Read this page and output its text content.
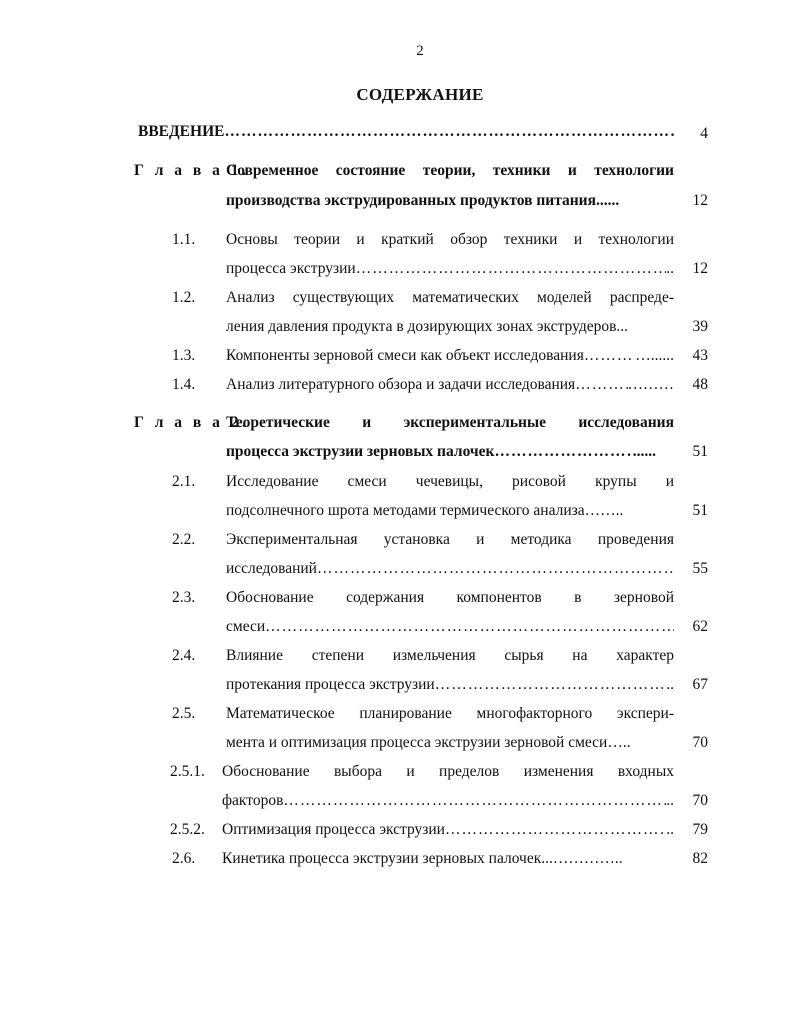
2
СОДЕРЖАНИЕ
ВВЕДЕНИЕ ……………………………………………………………………………………………………………………………………………………………	4
Г л а в а 1.
Современное состояние теории, техники и технологии
производства экструдированных продуктов питания ......	12
1.1. Основы теории и краткий обзор техники и технологии
процесса экструзии ……………………………………………………………………………………………………………………………………………………………	..	12
1.2. Анализ существующих математических моделей распреде-
ления давления продукта в дозирующих зонах экструдеров...	39
1.3. Компоненты зерновой смеси как объект исследования ……………………………………………………………………………………………………………………………………………………………	…......	43
1.4. Анализ литературного обзора и задачи исследования ……………………………………………………………………………………………………………………………………………………………	………	48
Г л а в а 2.
Теоретические и экспериментальные исследования
процесса экструзии зерновых палочек ……………………………………………………………………………………………………………………………………………………………	......	51
2.1. Исследование смеси чечевицы, рисовой крупы и
подсолнечного шрота методами термического анализа ……..	51
2.2. Экспериментальная установка и методика проведения
исследований ……………………………………………………………………………………………………………………………………………………………	55
2.3. Обоснование содержания компонентов в зерновой
смеси ……………………………………………………………………………………………………………………………………………………………	62
2.4. Влияние степени измельчения сырья на характер
протекания процесса экструзии ……………………………………………………………………………………………………………………………………………………………	..	67
2.5. Математическое планирование многофакторного экспери-
мента и оптимизация процесса экструзии зерновой смеси …..	70
2.5.1. Обоснование выбора и пределов изменения входных
факторов ……………………………………………………………………………………………………………………………………………………………	..	70
2.5.2. Оптимизация процесса экструзии ……………………………………………………………………………………………………………………………………………………………	..	79
2.6. Кинетика процесса экструзии зерновых палочек ...…………..	82
